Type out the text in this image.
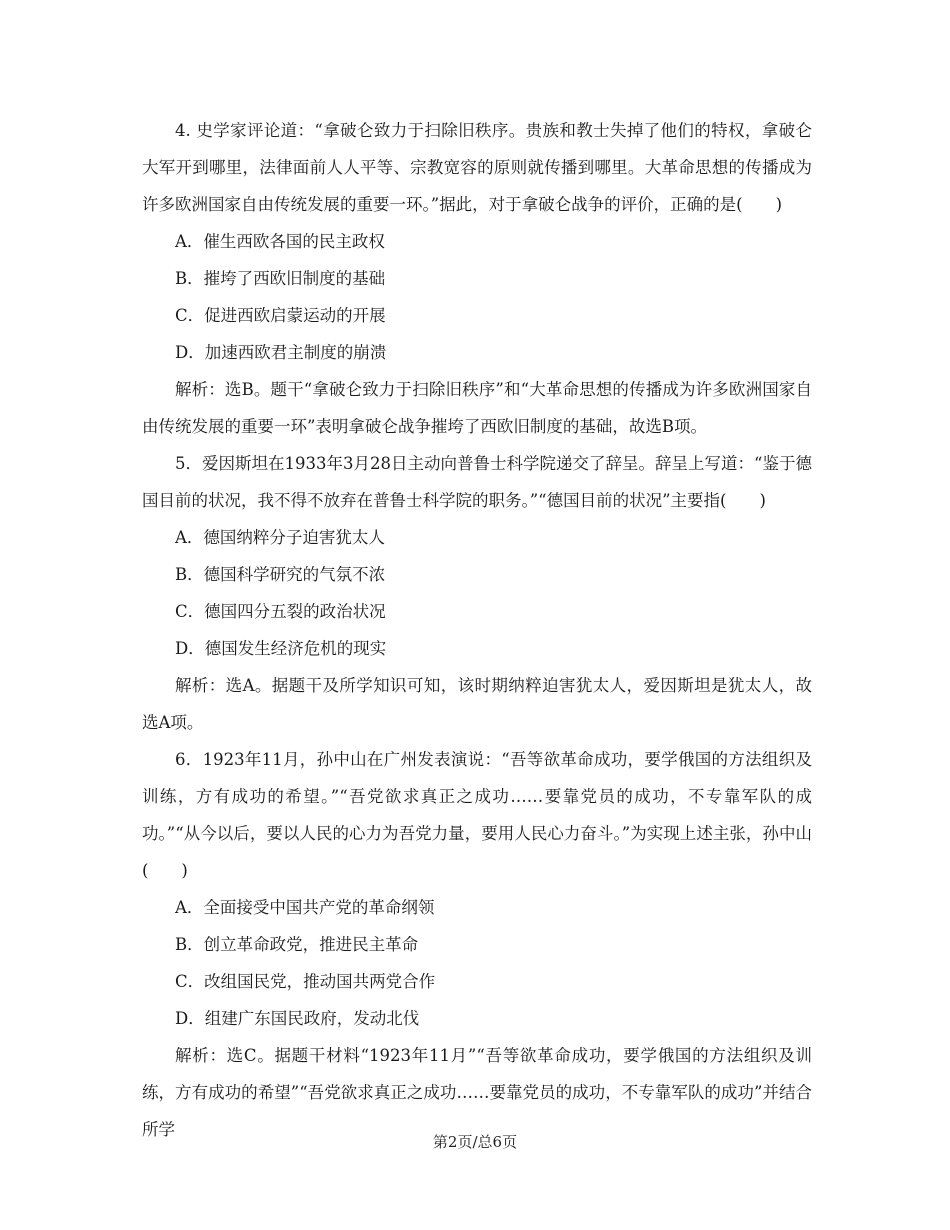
4. 史学家评论道：“拿破仑致力于扫除旧秩序。贵族和教士失掉了他们的特权，拿破仑大军开到哪里，法律面前人人平等、宗教宽容的原则就传播到哪里。大革命思想的传播成为许多欧洲国家自由传统发展的重要一环。”据此，对于拿破仑战争的评价，正确的是(　　)

A．催生西欧各国的民主政权

B．摧垮了西欧旧制度的基础

C．促进西欧启蒙运动的开展

D．加速西欧君主制度的崩溃

解析：选B。题干“拿破仑致力于扫除旧秩序”和“大革命思想的传播成为许多欧洲国家自由传统发展的重要一环”表明拿破仑战争摧垮了西欧旧制度的基础，故选B项。

5．爱因斯坦在1933年3月28日主动向普鲁士科学院递交了辞呈。辞呈上写道：“鉴于德国目前的状况，我不得不放弃在普鲁士科学院的职务。”“德国目前的状况”主要指(　　)

A．德国纳粹分子迫害犹太人

B．德国科学研究的气氛不浓

C．德国四分五裂的政治状况

D．德国发生经济危机的现实

解析：选A。据题干及所学知识可知，该时期纳粹迫害犹太人，爱因斯坦是犹太人，故选A项。

6．1923年11月，孙中山在广州发表演说：“吾等欲革命成功，要学俄国的方法组织及训练，方有成功的希望。”“吾党欲求真正之成功……要靠党员的成功，不专靠军队的成功。”“从今以后，要以人民的心力为吾党力量，要用人民心力奋斗。”为实现上述主张，孙中山(　　)

A．全面接受中国共产党的革命纲领

B．创立革命政党，推进民主革命

C．改组国民党，推动国共两党合作

D．组建广东国民政府，发动北伐

解析：选C。据题干材料“1923年11月”“吾等欲革命成功，要学俄国的方法组织及训练，方有成功的希望”“吾党欲求真正之成功……要靠党员的成功，不专靠军队的成功”并结合所学

第2页/总6页
